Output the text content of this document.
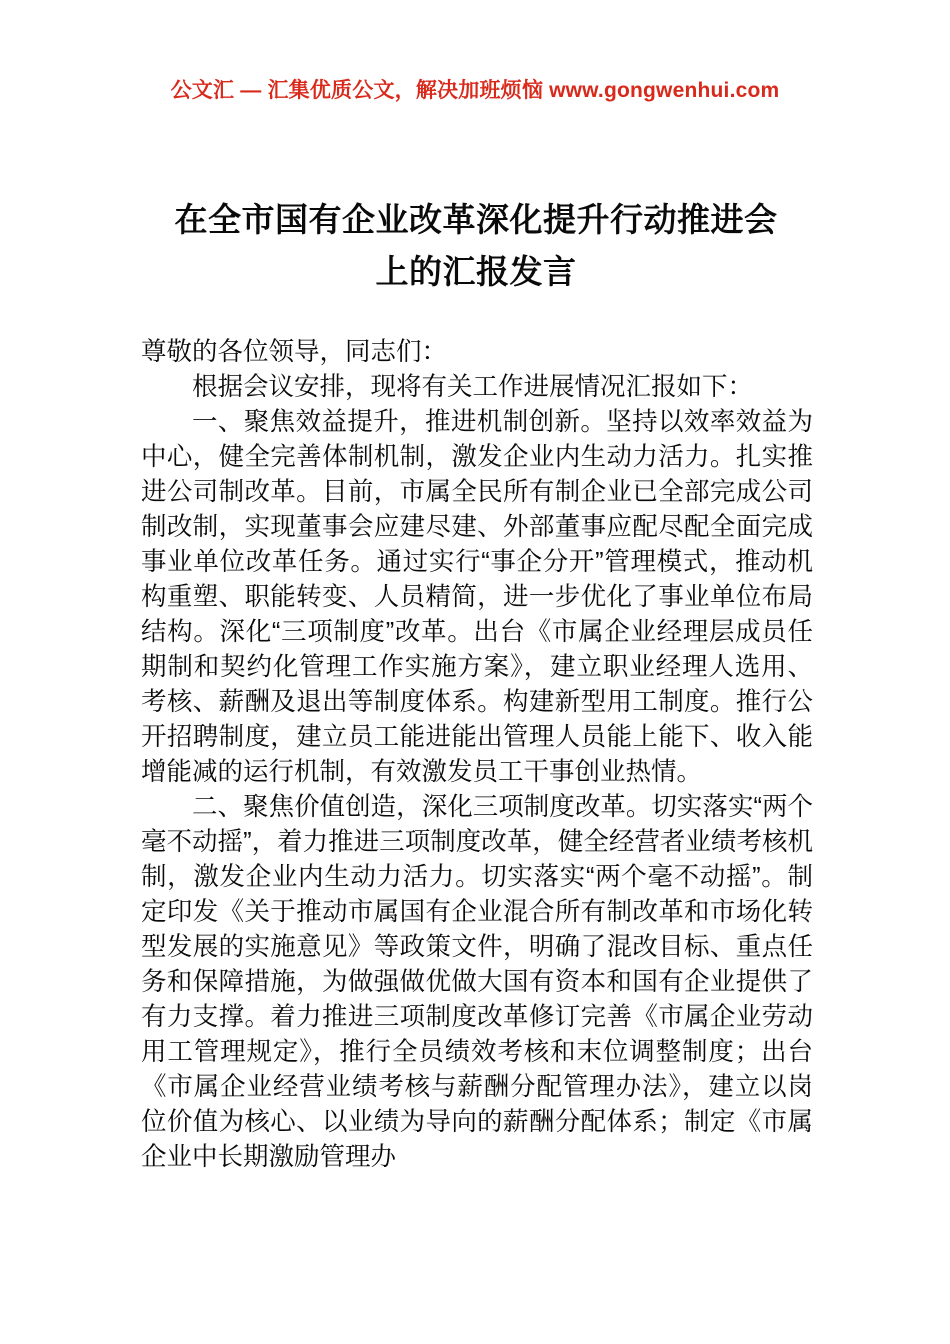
公文汇 — 汇集优质公文，解决加班烦恼 www.gongwenhui.com
在全市国有企业改革深化提升行动推进会
上的汇报发言

尊敬的各位领导，同志们：

根据会议安排，现将有关工作进展情况汇报如下：

一、聚焦效益提升，推进机制创新。坚持以效率效益为中心，健全完善体制机制，激发企业内生动力活力。扎实推进公司制改革。目前，市属全民所有制企业已全部完成公司制改制，实现董事会应建尽建、外部董事应配尽配全面完成事业单位改革任务。通过实行“事企分开”管理模式，推动机构重塑、职能转变、人员精简，进一步优化了事业单位布局结构。深化“三项制度”改革。出台《市属企业经理层成员任期制和契约化管理工作实施方案》，建立职业经理人选用、考核、薪酬及退出等制度体系。构建新型用工制度。推行公开招聘制度，建立员工能进能出管理人员能上能下、收入能增能减的运行机制，有效激发员工干事创业热情。

二、聚焦价值创造，深化三项制度改革。切实落实“两个毫不动摇”，着力推进三项制度改革，健全经营者业绩考核机制，激发企业内生动力活力。切实落实“两个毫不动摇”。制定印发《关于推动市属国有企业混合所有制改革和市场化转型发展的实施意见》等政策文件，明确了混改目标、重点任务和保障措施，为做强做优做大国有资本和国有企业提供了有力支撑。着力推进三项制度改革修订完善《市属企业劳动用工管理规定》，推行全员绩效考核和末位调整制度；出台《市属企业经营业绩考核与薪酬分配管理办法》，建立以岗位价值为核心、以业绩为导向的薪酬分配体系；制定《市属企业中长期激励管理办
